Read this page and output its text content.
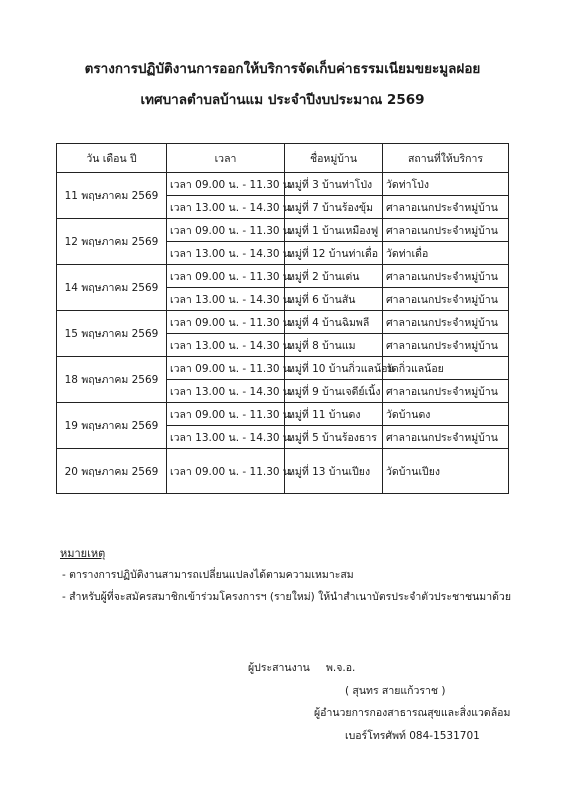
ตรางการปฏิบัติงานการออกให้บริการจัดเก็บค่าธรรมเนียมขยะมูลฝอย
เทศบาลตำบลบ้านแม ประจำปีงบประมาณ 2569
วัน เดือน ปี	เวลา	ชื่อหมู่บ้าน	สถานที่ให้บริการ
11 พฤษภาคม 2569	เวลา 09.00 น. - 11.30 น.	หมู่ที่ 3 บ้านท่าโป่ง	วัดท่าโป่ง
	เวลา 13.00 น. - 14.30 น.	หมู่ที่ 7 บ้านร้องขุ้ม	ศาลาอเนกประจำหมู่บ้าน
12 พฤษภาคม 2569	เวลา 09.00 น. - 11.30 น.	หมู่ที่ 1 บ้านเหมืองฟู	ศาลาอเนกประจำหมู่บ้าน
	เวลา 13.00 น. - 14.30 น.	หมู่ที่ 12 บ้านท่าเดื่อ	วัดท่าเดื่อ
14 พฤษภาคม 2569	เวลา 09.00 น. - 11.30 น.	หมู่ที่ 2 บ้านเด่น	ศาลาอเนกประจำหมู่บ้าน
	เวลา 13.00 น. - 14.30 น.	หมู่ที่ 6 บ้านสัน	ศาลาอเนกประจำหมู่บ้าน
15 พฤษภาคม 2569	เวลา 09.00 น. - 11.30 น.	หมู่ที่ 4 บ้านฉิมพลี	ศาลาอเนกประจำหมู่บ้าน
	เวลา 13.00 น. - 14.30 น.	หมู่ที่ 8 บ้านแม	ศาลาอเนกประจำหมู่บ้าน
18 พฤษภาคม 2569	เวลา 09.00 น. - 11.30 น.	หมู่ที่ 10 บ้านกิ่วแลน้อย	วัดกิ่วแลน้อย
	เวลา 13.00 น. - 14.30 น.	หมู่ที่ 9 บ้านเจดีย์เนิ้ง	ศาลาอเนกประจำหมู่บ้าน
19 พฤษภาคม 2569	เวลา 09.00 น. - 11.30 น.	หมู่ที่ 11 บ้านดง	วัดบ้านดง
	เวลา 13.00 น. - 14.30 น.	หมู่ที่ 5 บ้านร้องธาร	ศาลาอเนกประจำหมู่บ้าน
20 พฤษภาคม 2569	เวลา 09.00 น. - 11.30 น.	หมู่ที่ 13 บ้านเปียง	วัดบ้านเปียง
หมายเหตุ
- ตารางการปฏิบัติงานสามารถเปลี่ยนแปลงได้ตามความเหมาะสม
- สำหรับผู้ที่จะสมัครสมาชิกเข้าร่วมโครงการฯ (รายใหม่) ให้นำสำเนาบัตรประจำตัวประชาชนมาด้วย
ผู้ประสานงาน พ.จ.อ.
( สุนทร สายแก้วราช )
ผู้อำนวยการกองสาธารณสุขและสิ่งแวดล้อม
เบอร์โทรศัพท์ 084-1531701
